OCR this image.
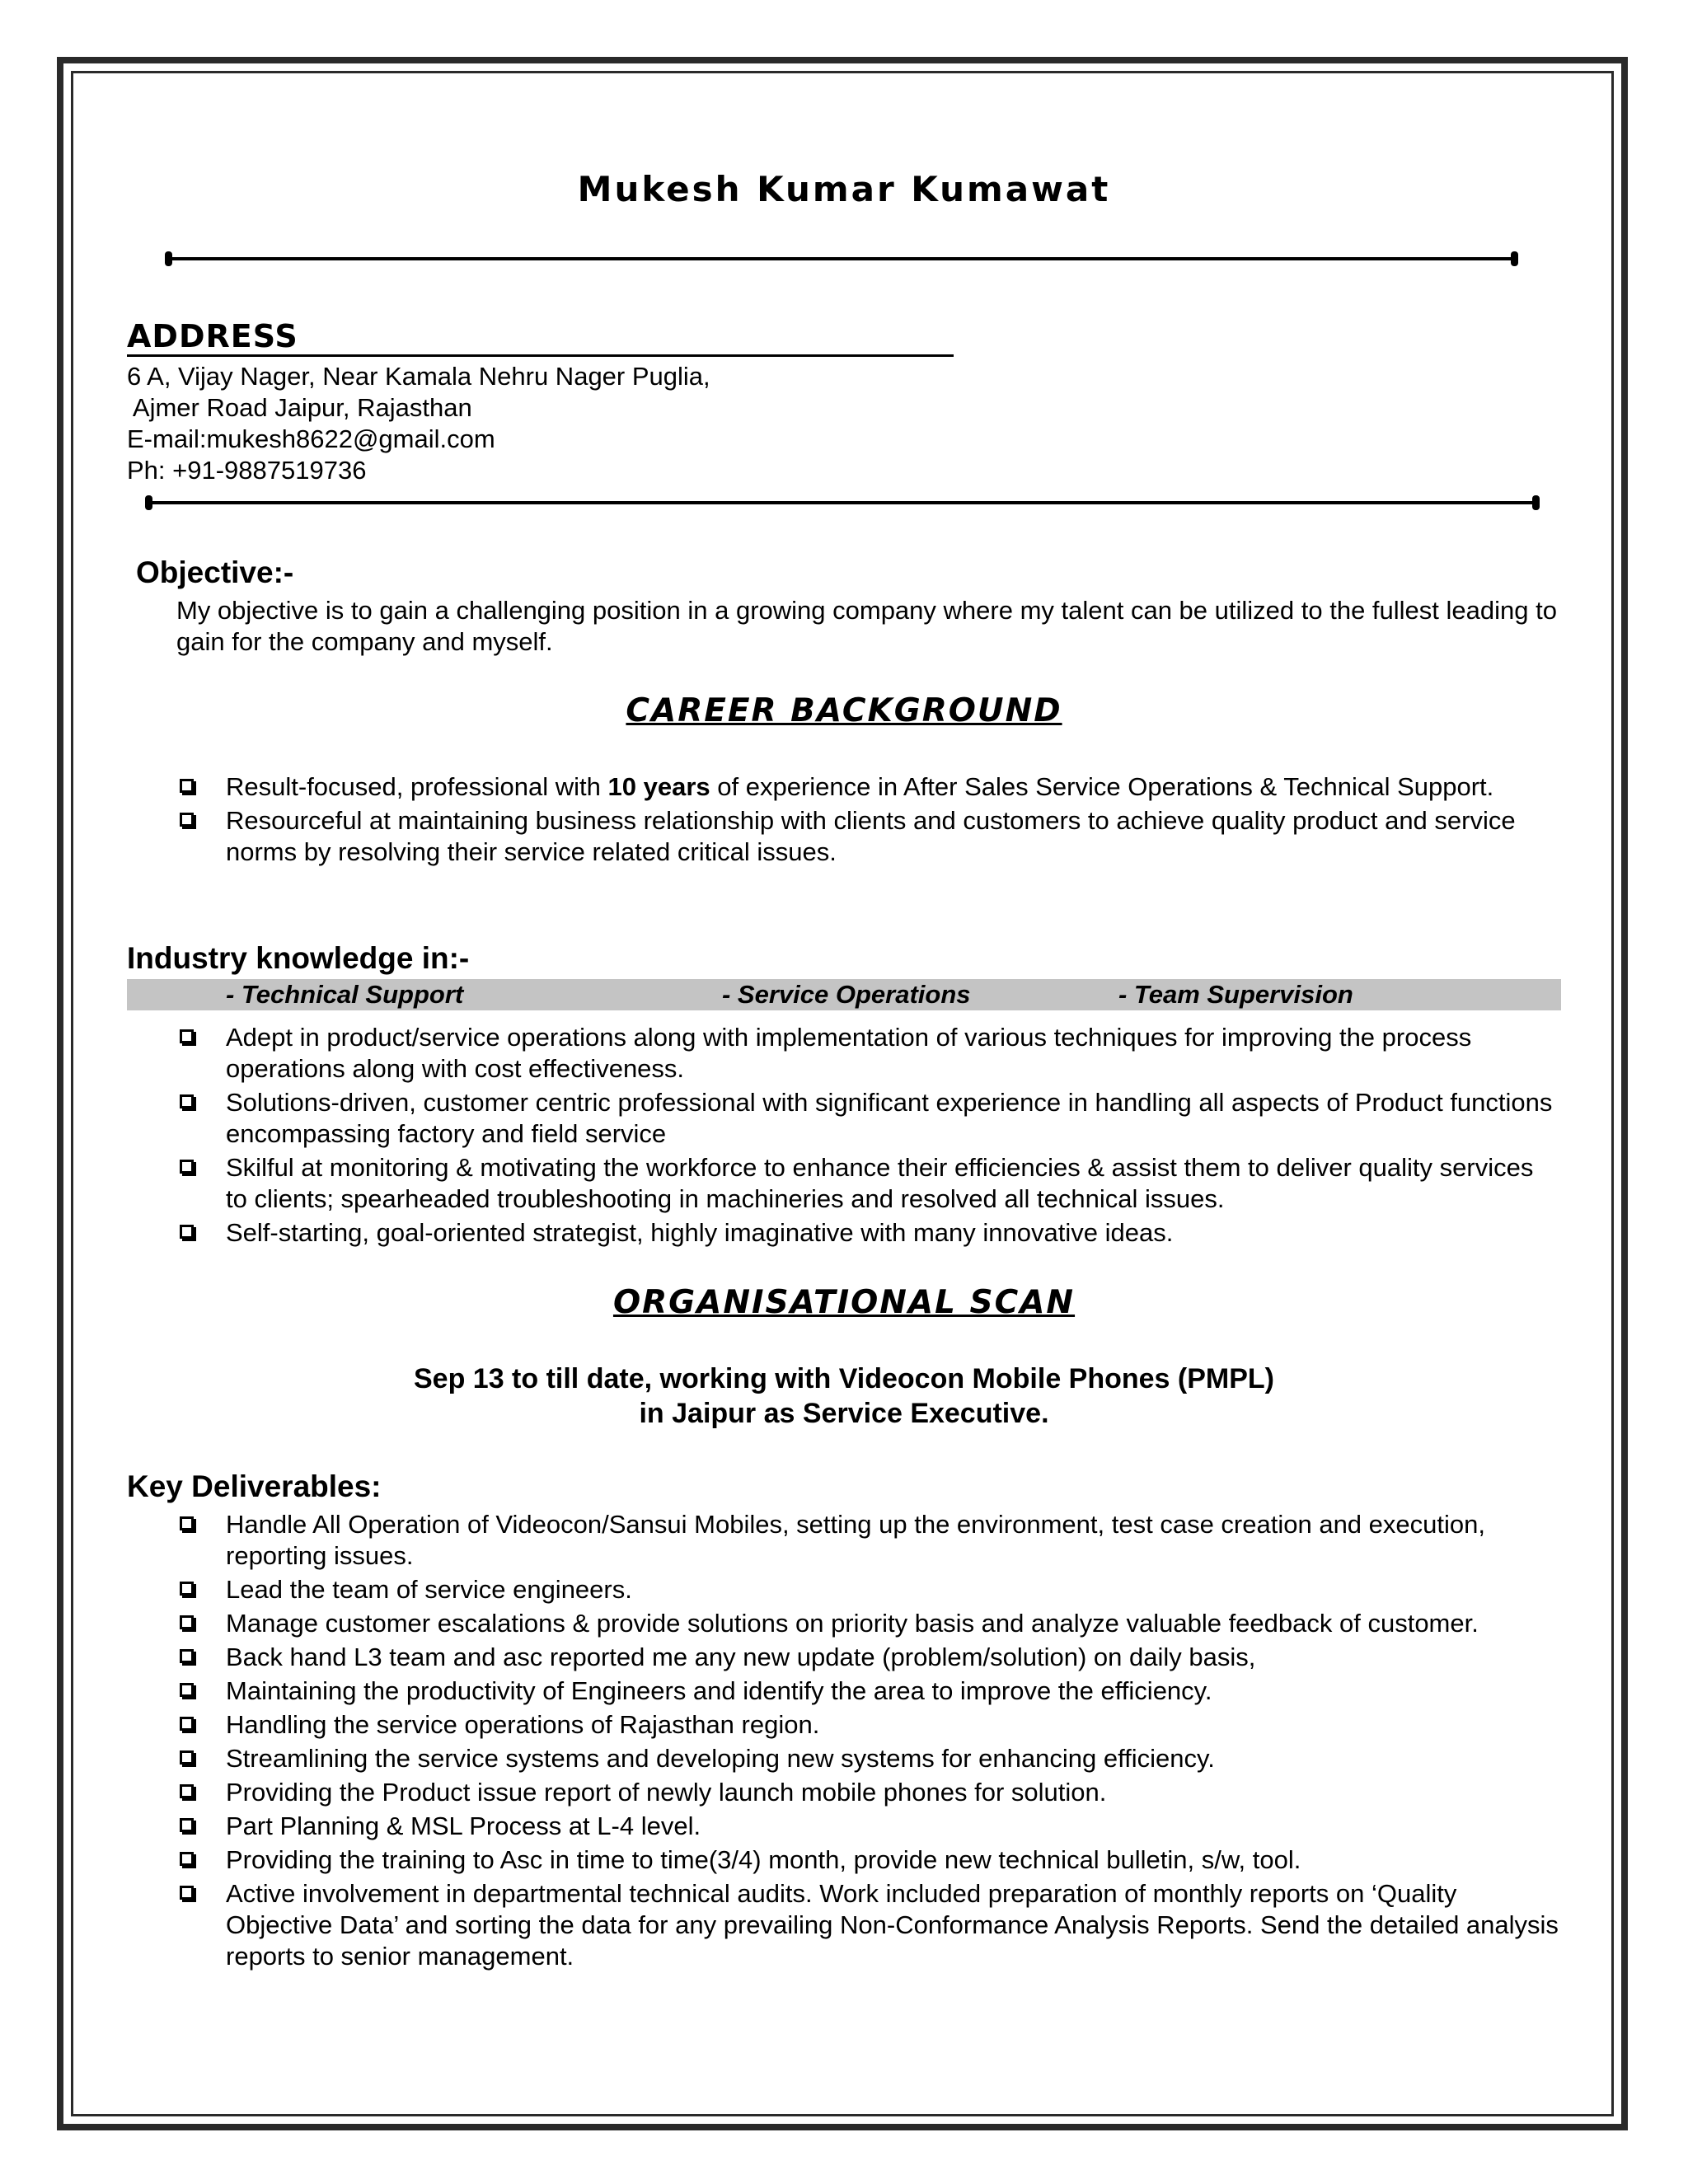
Mukesh Kumar Kumawat
ADDRESS
6 A, Vijay Nager, Near Kamala Nehru Nager Puglia,
Ajmer Road Jaipur, Rajasthan
E-mail:mukesh8622@gmail.com
Ph: +91-9887519736
Objective:-
My objective is to gain a challenging position in a growing company where my talent can be utilized to the fullest leading to gain for the company and myself.
CAREER BACKGROUND
Result-focused, professional with 10 years of experience in After Sales Service Operations & Technical Support.
Resourceful at maintaining business relationship with clients and customers to achieve quality product and service norms by resolving their service related critical issues.
Industry knowledge in:-
- Technical Support	- Service Operations	- Team Supervision
Adept in product/service operations along with implementation of various techniques for improving the process operations along with cost effectiveness.
Solutions-driven, customer centric professional with significant experience in handling all aspects of Product functions encompassing factory and field service
Skilful at monitoring & motivating the workforce to enhance their efficiencies & assist them to deliver quality services to clients; spearheaded troubleshooting in machineries and resolved all technical issues.
Self-starting, goal-oriented strategist, highly imaginative with many innovative ideas.
ORGANISATIONAL SCAN
Sep 13 to till date, working with Videocon Mobile Phones (PMPL)
in Jaipur as Service Executive.
Key Deliverables:
Handle All Operation of Videocon/Sansui Mobiles, setting up the environment, test case creation and execution, reporting issues.
Lead the team of service engineers.
Manage customer escalations & provide solutions on priority basis and analyze valuable feedback of customer.
Back hand L3 team and asc reported me any new update (problem/solution) on daily basis,
Maintaining the productivity of Engineers and identify the area to improve the efficiency.
Handling the service operations of Rajasthan region.
Streamlining the service systems and developing new systems for enhancing efficiency.
Providing the Product issue report of newly launch mobile phones for solution.
Part Planning & MSL Process at L-4 level.
Providing the training to Asc in time to time(3/4) month, provide new technical bulletin, s/w, tool.
Active involvement in departmental technical audits. Work included preparation of monthly reports on ‘Quality Objective Data’ and sorting the data for any prevailing Non-Conformance Analysis Reports. Send the detailed analysis reports to senior management.
